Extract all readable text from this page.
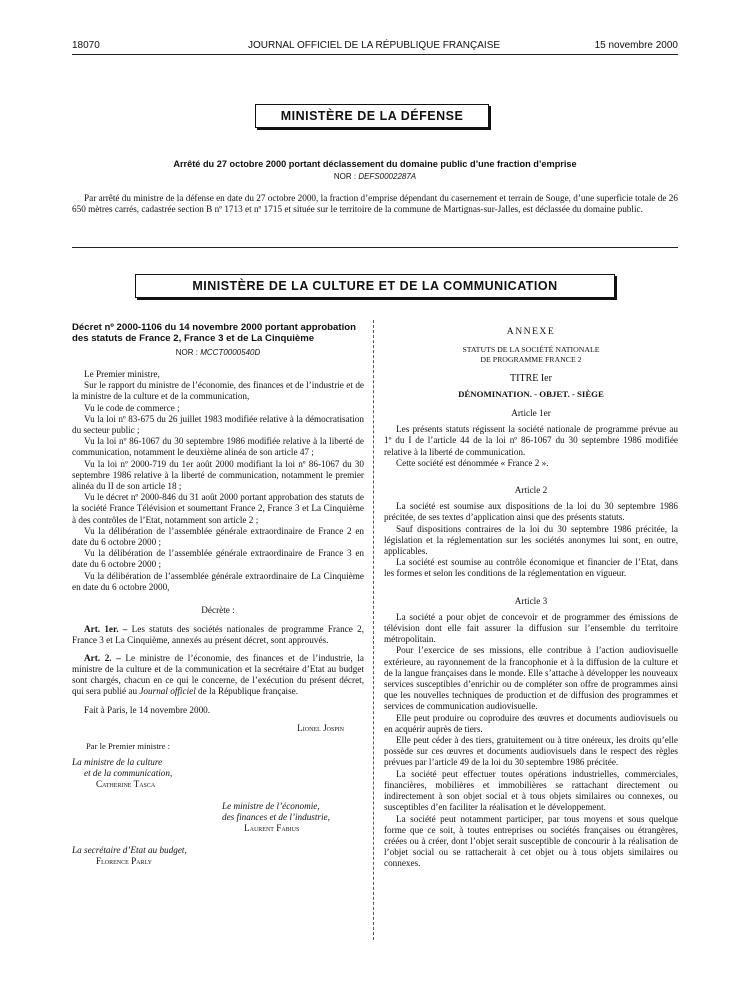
18070	JOURNAL OFFICIEL DE LA RÉPUBLIQUE FRANÇAISE	15 novembre 2000
MINISTÈRE DE LA DÉFENSE
Arrêté du 27 octobre 2000 portant déclassement du domaine public d’une fraction d’emprise
NOR : DEFS0002287A

Par arrêté du ministre de la défense en date du 27 octobre 2000, la fraction d’emprise dépendant du casernement et terrain de Souge, d’une superficie totale de 26 650 mètres carrés, cadastrée section B nº 1713 et nº 1715 et située sur le territoire de la commune de Martignas-sur-Jalles, est déclassée du domaine public.

MINISTÈRE DE LA CULTURE ET DE LA COMMUNICATION

Décret nº 2000-1106 du 14 novembre 2000 portant approbation des statuts de France 2, France 3 et de La Cinquième

NOR : MCCT0000540D

Le Premier ministre,

Sur le rapport du ministre de l’économie, des finances et de l’industrie et de la ministre de la culture et de la communication,

Vu le code de commerce ;

Vu la loi nº 83-675 du 26 juillet 1983 modifiée relative à la démocratisation du secteur public ;

Vu la loi nº 86-1067 du 30 septembre 1986 modifiée relative à la liberté de communication, notamment le deuxième alinéa de son article 47 ;

Vu la loi nº 2000-719 du 1er août 2000 modifiant la loi nº 86-1067 du 30 septembre 1986 relative à la liberté de communication, notamment le premier alinéa du II de son article 18 ;

Vu le décret nº 2000-846 du 31 août 2000 portant approbation des statuts de la société France Télévision et soumettant France 2, France 3 et La Cinquième à des contrôles de l’Etat, notamment son article 2 ;

Vu la délibération de l’assemblée générale extraordinaire de France 2 en date du 6 octobre 2000 ;

Vu la délibération de l’assemblée générale extraordinaire de France 3 en date du 6 octobre 2000 ;

Vu la délibération de l’assemblée générale extraordinaire de La Cinquième en date du 6 octobre 2000,

Décrète :

Art. 1er. – Les statuts des sociétés nationales de programme France 2, France 3 et La Cinquième, annexés au présent décret, sont approuvés.

Art. 2. – Le ministre de l’économie, des finances et de l’industrie, la ministre de la culture et de la communication et la secrétaire d’Etat au budget sont chargés, chacun en ce qui le concerne, de l’exécution du présent décret, qui sera publié au Journal officiel de la République française.

Fait à Paris, le 14 novembre 2000.

Lionel Jospin
Par le Premier ministre :
La ministre de la culture
et de la communication,
Catherine Tasca
Le ministre de l’économie,
des finances et de l’industrie,
Laurent Fabius
La secrétaire d’Etat au budget,
Florence Parly

ANNEXE

STATUTS DE LA SOCIÉTÉ NATIONALE

DE PROGRAMME FRANCE 2

TITRE Ier

DÉNOMINATION. - OBJET. - SIÈGE

Article 1er

Les présents statuts régissent la société nationale de programme prévue au 1º du I de l’article 44 de la loi nº 86-1067 du 30 septembre 1986 modifiée relative à la liberté de communication.

Cette société est dénommée « France 2 ».

Article 2

La société est soumise aux dispositions de la loi du 30 septembre 1986 précitée, de ses textes d’application ainsi que des présents statuts.

Sauf dispositions contraires de la loi du 30 septembre 1986 précitée, la législation et la réglementation sur les sociétés anonymes lui sont, en outre, applicables.

La société est soumise au contrôle économique et financier de l’Etat, dans les formes et selon les conditions de la réglementation en vigueur.

Article 3

La société a pour objet de concevoir et de programmer des émissions de télévision dont elle fait assurer la diffusion sur l’ensemble du territoire métropolitain.

Pour l’exercice de ses missions, elle contribue à l’action audiovisuelle extérieure, au rayonnement de la francophonie et à la diffusion de la culture et de la langue françaises dans le monde. Elle s’attache à développer les nouveaux services susceptibles d’enrichir ou de compléter son offre de programmes ainsi que les nouvelles techniques de production et de diffusion des programmes et services de communication audiovisuelle.

Elle peut produire ou coproduire des œuvres et documents audiovisuels ou en acquérir auprès de tiers.

Elle peut céder à des tiers, gratuitement ou à titre onéreux, les droits qu’elle possède sur ces œuvres et documents audiovisuels dans le respect des règles prévues par l’article 49 de la loi du 30 septembre 1986 précitée.

La société peut effectuer toutes opérations industrielles, commerciales, financières, mobilières et immobilières se rattachant directement ou indirectement à son objet social et à tous objets similaires ou connexes, ou susceptibles d’en faciliter la réalisation et le développement.

La société peut notamment participer, par tous moyens et sous quelque forme que ce soit, à toutes entreprises ou sociétés françaises ou étrangères, créées ou à créer, dont l’objet serait susceptible de concourir à la réalisation de l’objet social ou se rattacherait à cet objet ou à tous objets similaires ou connexes.
